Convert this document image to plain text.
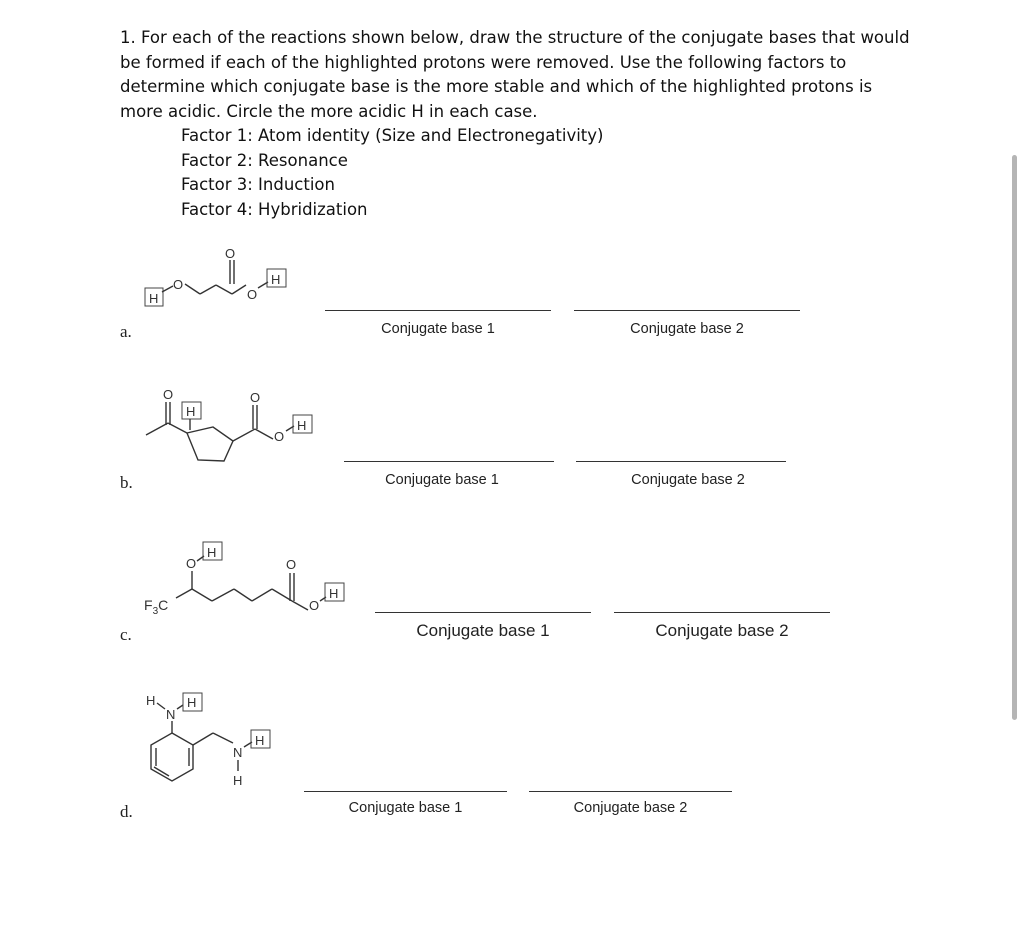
1. For each of the reactions shown below, draw the structure of the conjugate bases that would be formed if each of the highlighted protons were removed. Use the following factors to determine which conjugate base is the more stable and which of the highlighted protons is more acidic. Circle the more acidic H in each case.
Factor 1: Atom identity (Size and Electronegativity)
Factor 2: Resonance
Factor 3: Induction
Factor 4: Hybridization
a.
H
O
O
O
H
Conjugate base 1	Conjugate base 2
b.
O
H
O
O
H
Conjugate base 1	Conjugate base 2
c.
$F_3C$
O
H
O
O
H
Conjugate base 1	Conjugate base 2
d.
H
N
H
N
H
H
Conjugate base 1	Conjugate base 2
